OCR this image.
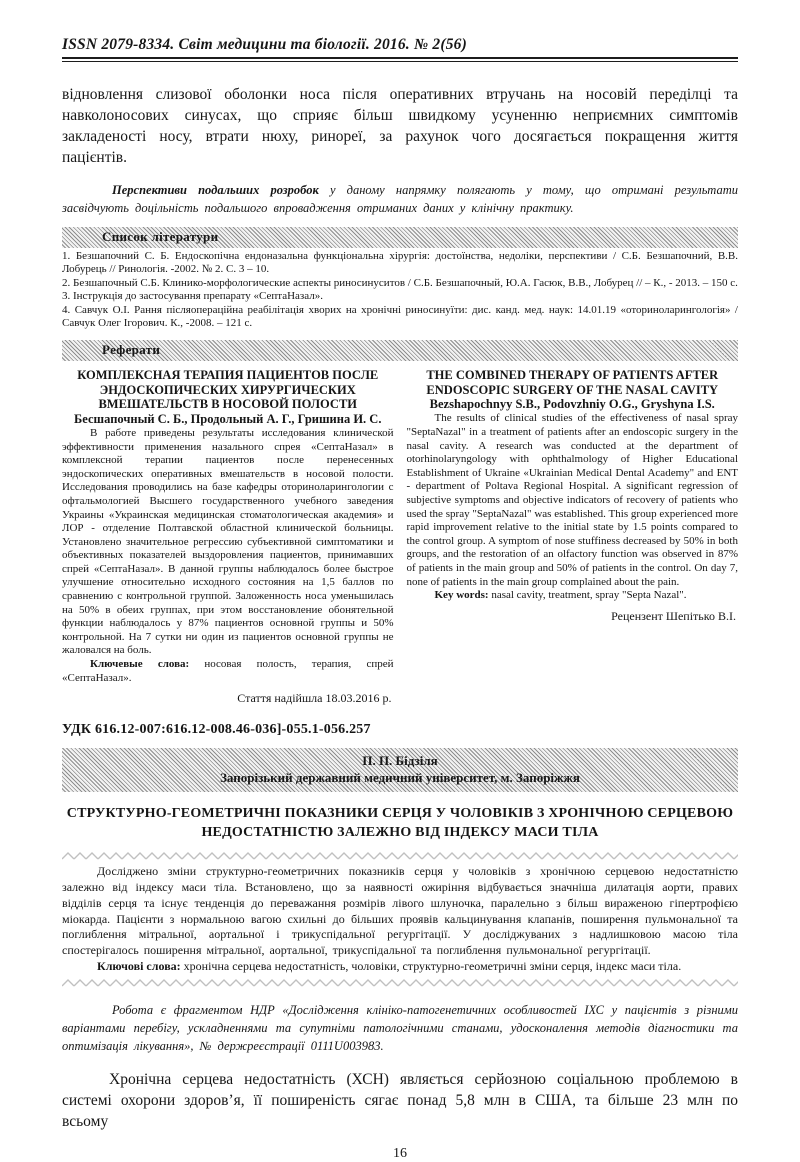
ISSN 2079-8334. Світ медицини та біології. 2016. № 2(56)

відновлення слизової оболонки носа після оперативних втручань на носовій переділці та навколоносових синусах, що сприяє більш швидкому усуненню неприємних симптомів закладеності носу, втрати нюху, ринореї, за рахунок чого досягається покращення життя пацієнтів.

Перспективи подальших розробок у даному напрямку полягають у тому, що отримані результати засвідчують доцільність подальшого впровадження отриманих даних у клінічну практику.

Список літератури

1. Безшапочний С. Б. Ендоскопічна ендоназальна функціональна хірургія: достоїнства, недоліки, перспективи / С.Б. Безшапочний, В.В. Лобурець // Ринологія. -2002. № 2. С. 3 – 10.

2. Безшапочный С.Б. Клинико-морфологические аспекты риносинуситов / С.Б. Безшапочный, Ю.А. Гасюк, В.В., Лобурец // – К., - 2013. – 150 с.

3. Інструкція до застосування препарату «СептаНазал».

4. Савчук О.І. Рання післяопераційна реабілітація хворих на хронічні риносинуїти: дис. канд. мед. наук: 14.01.19 «оториноларингологія» / Савчук Олег Ігорович. К., -2008. – 121 с.

Реферати

КОМПЛЕКСНАЯ ТЕРАПИЯ ПАЦИЕНТОВ ПОСЛЕ ЭНДОСКОПИЧЕСКИХ ХИРУРГИЧЕСКИХ ВМЕШАТЕЛЬСТВ В НОСОВОЙ ПОЛОСТИ

Бесшапочный С. Б., Продольный А. Г., Гришина И. С.

В работе приведены результаты исследования клинической эффективности применения назального спрея «СептаНазал» в комплексной терапии пациентов после перенесенных эндоскопических оперативных вмешательств в носовой полости. Исследования проводились на базе кафедры оториноларингологии с офтальмологией Высшего государственного учебного заведения Украины «Украинская медицинская стоматологическая академия» и ЛОР - отделение Полтавской областной клинической больницы. Установлено значительное регрессию субъективной симптоматики и объективных показателей выздоровления пациентов, принимавших спрей «СептаНазал». В данной группы наблюдалось более быстрое улучшение относительно исходного состояния на 1,5 баллов по сравнению с контрольной группой. Заложенность носа уменьшилась на 50% в обеих группах, при этом восстановление обонятельной функции наблюдалось у 87% пациентов основной группы и 50% контрольной. На 7 сутки ни один из пациентов основной группы не жаловался на боль.

Ключевые слова: носовая полость, терапия, спрей «СептаНазал».

Стаття надійшла 18.03.2016 р.

THE COMBINED THERAPY OF PATIENTS AFTER ENDOSCOPIC SURGERY OF THE NASAL CAVITY

Bezshapochnyy S.B., Podovzhniy O.G., Gryshyna I.S.

The results of clinical studies of the effectiveness of nasal spray "SeptaNazal" in a treatment of patients after an endoscopic surgery in the nasal cavity. A research was conducted at the department of otorhinolaryngology with ophthalmology of Higher Educational Establishment of Ukraine «Ukrainian Medical Dental Academy" and ENT - department of Poltava Regional Hospital. A significant regression of subjective symptoms and objective indicators of recovery of patients who used the spray "SeptaNazal" was established. This group experienced more rapid improvement relative to the initial state by 1.5 points compared to the control group. A symptom of nose stuffiness decreased by 50% in both groups, and the restoration of an olfactory function was observed in 87% of patients in the main group and 50% of patients in the control. On day 7, none of patients in the main group complained about the pain.

Key words: nasal cavity, treatment, spray "Septa Nazal".

Рецензент Шепітько В.І.

УДК 616.12-007:616.12-008.46-036]-055.1-056.257
П. П. Бідзіля
Запорізький державний медичний університет, м. Запоріжжя
СТРУКТУРНО-ГЕОМЕТРИЧНІ ПОКАЗНИКИ СЕРЦЯ У ЧОЛОВІКІВ З ХРОНІЧНОЮ СЕРЦЕВОЮ НЕДОСТАТНІСТЮ ЗАЛЕЖНО ВІД ІНДЕКСУ МАСИ ТІЛА

Досліджено зміни структурно-геометричних показників серця у чоловіків з хронічною серцевою недостатністю залежно від індексу маси тіла. Встановлено, що за наявності ожиріння відбувається значніша дилатація аорти, правих відділів серця та існує тенденція до переважання розмірів лівого шлуночка, паралельно з більш вираженою гіпертрофією міокарда. Пацієнти з нормальною вагою схильні до більших проявів кальцинування клапанів, поширення пульмональної та поглиблення мітральної, аортальної і трикуспідальної регургітації. У досліджуваних з надлишковою масою тіла спостерігалось поширення мітральної, аортальної, трикуспідальної та поглиблення пульмональної регургітації.

Ключові слова: хронічна серцева недостатність, чоловіки, структурно-геометричні зміни серця, індекс маси тіла.

Робота є фрагментом НДР «Дослідження клініко-патогенетичних особливостей ІХС у пацієнтів з різними варіантами перебігу, ускладненнями та супутніми патологічними станами, удосконалення методів діагностики та оптимізація лікування», № держреєстрації 0111U003983.

Хронічна серцева недостатність (ХСН) являється серйозною соціальною проблемою в системі охорони здоров’я, її поширеність сягає понад 5,8 млн в США, та більше 23 млн по всьому

16
